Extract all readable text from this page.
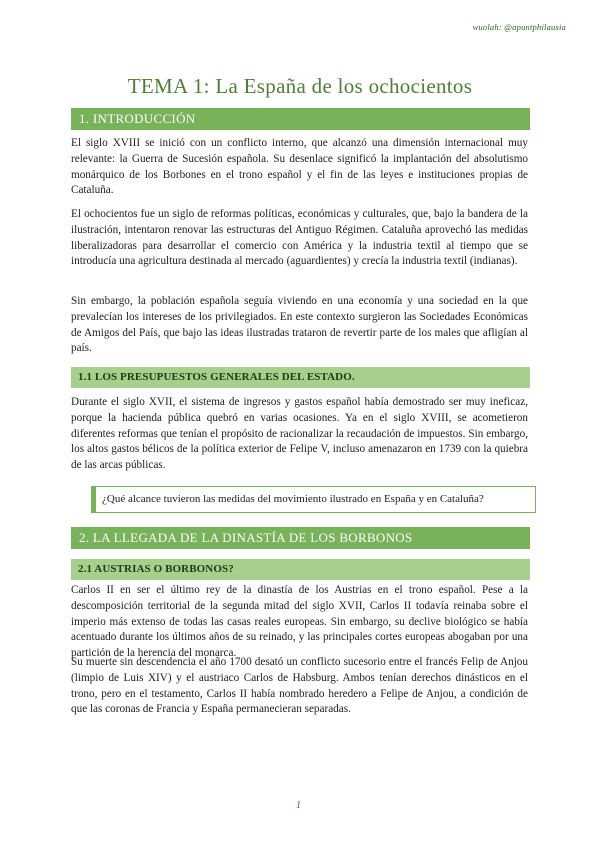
wuolah: @apuntphilausia
TEMA 1: La España de los ochocientos
1. INTRODUCCIÓN

El siglo XVIII se inició con un conflicto interno, que alcanzó una dimensión internacional muy relevante: la Guerra de Sucesión española. Su desenlace significó la implantación del absolutismo monárquico de los Borbones en el trono español y el fin de las leyes e instituciones propias de Cataluña.

El ochocientos fue un siglo de reformas políticas, económicas y culturales, que, bajo la bandera de la ilustración, intentaron renovar las estructuras del Antiguo Régimen. Cataluña aprovechó las medidas liberalizadoras para desarrollar el comercio con América y la industria textil al tiempo que se introducía una agricultura destinada al mercado (aguardientes) y crecía la industria textil (indianas).

Sin embargo, la población española seguía viviendo en una economía y una sociedad en la que prevalecían los intereses de los privilegiados. En este contexto surgieron las Sociedades Económicas de Amigos del País, que bajo las ideas ilustradas trataron de revertir parte de los males que afligían al país.

1.1 LOS PRESUPUESTOS GENERALES DEL ESTADO.

Durante el siglo XVII, el sistema de ingresos y gastos español había demostrado ser muy ineficaz, porque la hacienda pública quebró en varias ocasiones. Ya en el siglo XVIII, se acometieron diferentes reformas que tenían el propósito de racionalizar la recaudación de impuestos. Sin embargo, los altos gastos bélicos de la política exterior de Felipe V, incluso amenazaron en 1739 con la quiebra de las arcas públicas.

¿Qué alcance tuvieron las medidas del movimiento ilustrado en España y en Cataluña?
2. LA LLEGADA DE LA DINASTÍA DE LOS BORBONOS
2.1 AUSTRIAS O BORBONOS?

Carlos II en ser el último rey de la dinastía de los Austrias en el trono español. Pese a la descomposición territorial de la segunda mitad del siglo XVII, Carlos II todavía reinaba sobre el imperio más extenso de todas las casas reales europeas. Sin embargo, su declive biológico se había acentuado durante los últimos años de su reinado, y las principales cortes europeas abogaban por una partición de la herencia del monarca.

Su muerte sin descendencia el año 1700 desató un conflicto sucesorio entre el francés Felip de Anjou (limpio de Luis XIV) y el austriaco Carlos de Habsburg. Ambos tenían derechos dinásticos en el trono, pero en el testamento, Carlos II había nombrado heredero a Felipe de Anjou, a condición de que las coronas de Francia y España permanecieran separadas.

1
